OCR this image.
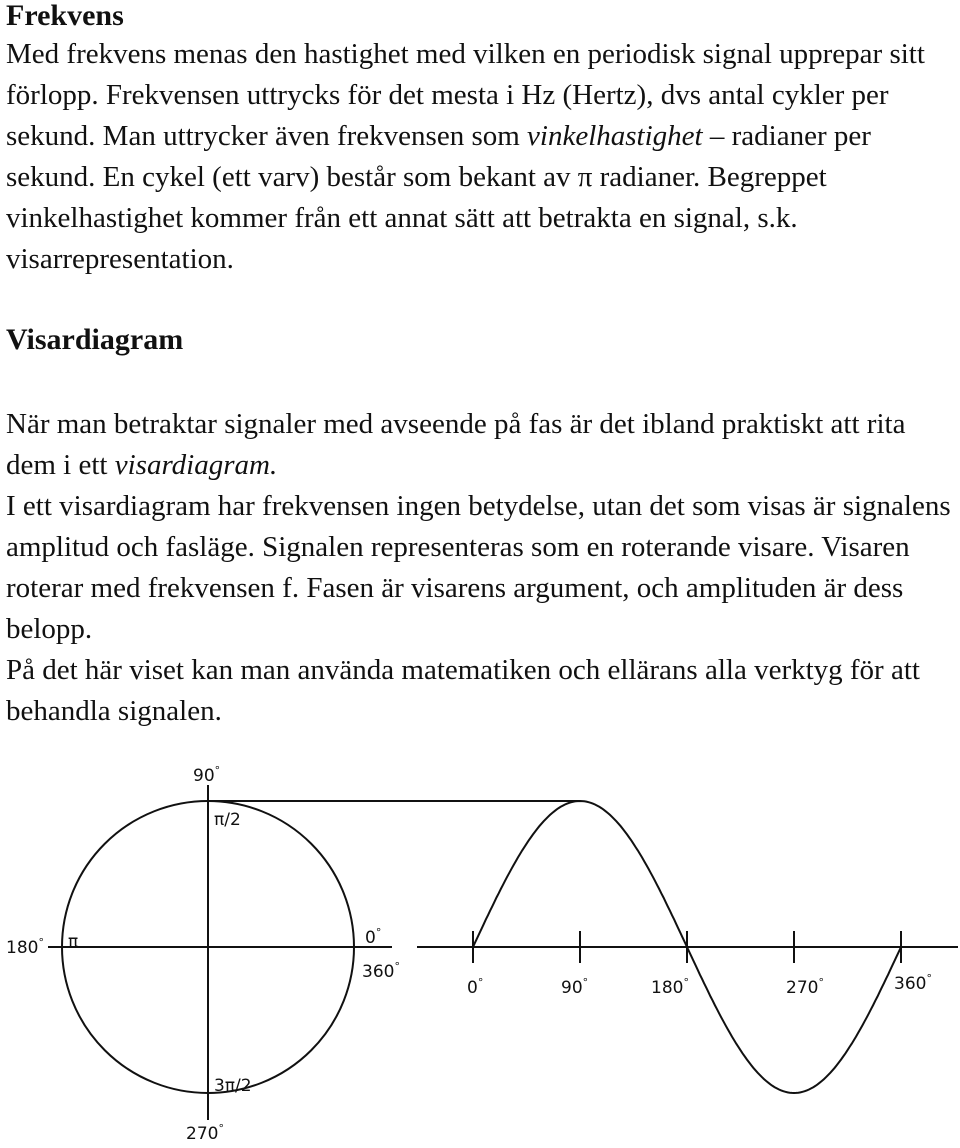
Frekvens

Med frekvens menas den hastighet med vilken en periodisk signal upprepar sitt förlopp. Frekvensen uttrycks för det mesta i Hz (Hertz), dvs antal cykler per sekund. Man uttrycker även frekvensen som vinkelhastighet – radianer per sekund. En cykel (ett varv) består som bekant av π radianer. Begreppet vinkelhastighet kommer från ett annat sätt att betrakta en signal, s.k. visarrepresentation.

Visardiagram

När man betraktar signaler med avseende på fas är det ibland praktiskt att rita dem i ett visardiagram.

I ett visardiagram har frekvensen ingen betydelse, utan det som visas är signalens amplitud och fasläge. Signalen representeras som en roterande visare. Visaren roterar med frekvensen f. Fasen är visarens argument, och amplituden är dess belopp.

På det här viset kan man använda matematiken och ellärans alla verktyg för att behandla signalen.

90°
π/2
180° π	0°
360°
3π/2
270°
0°	90°	180°	270°	360°
